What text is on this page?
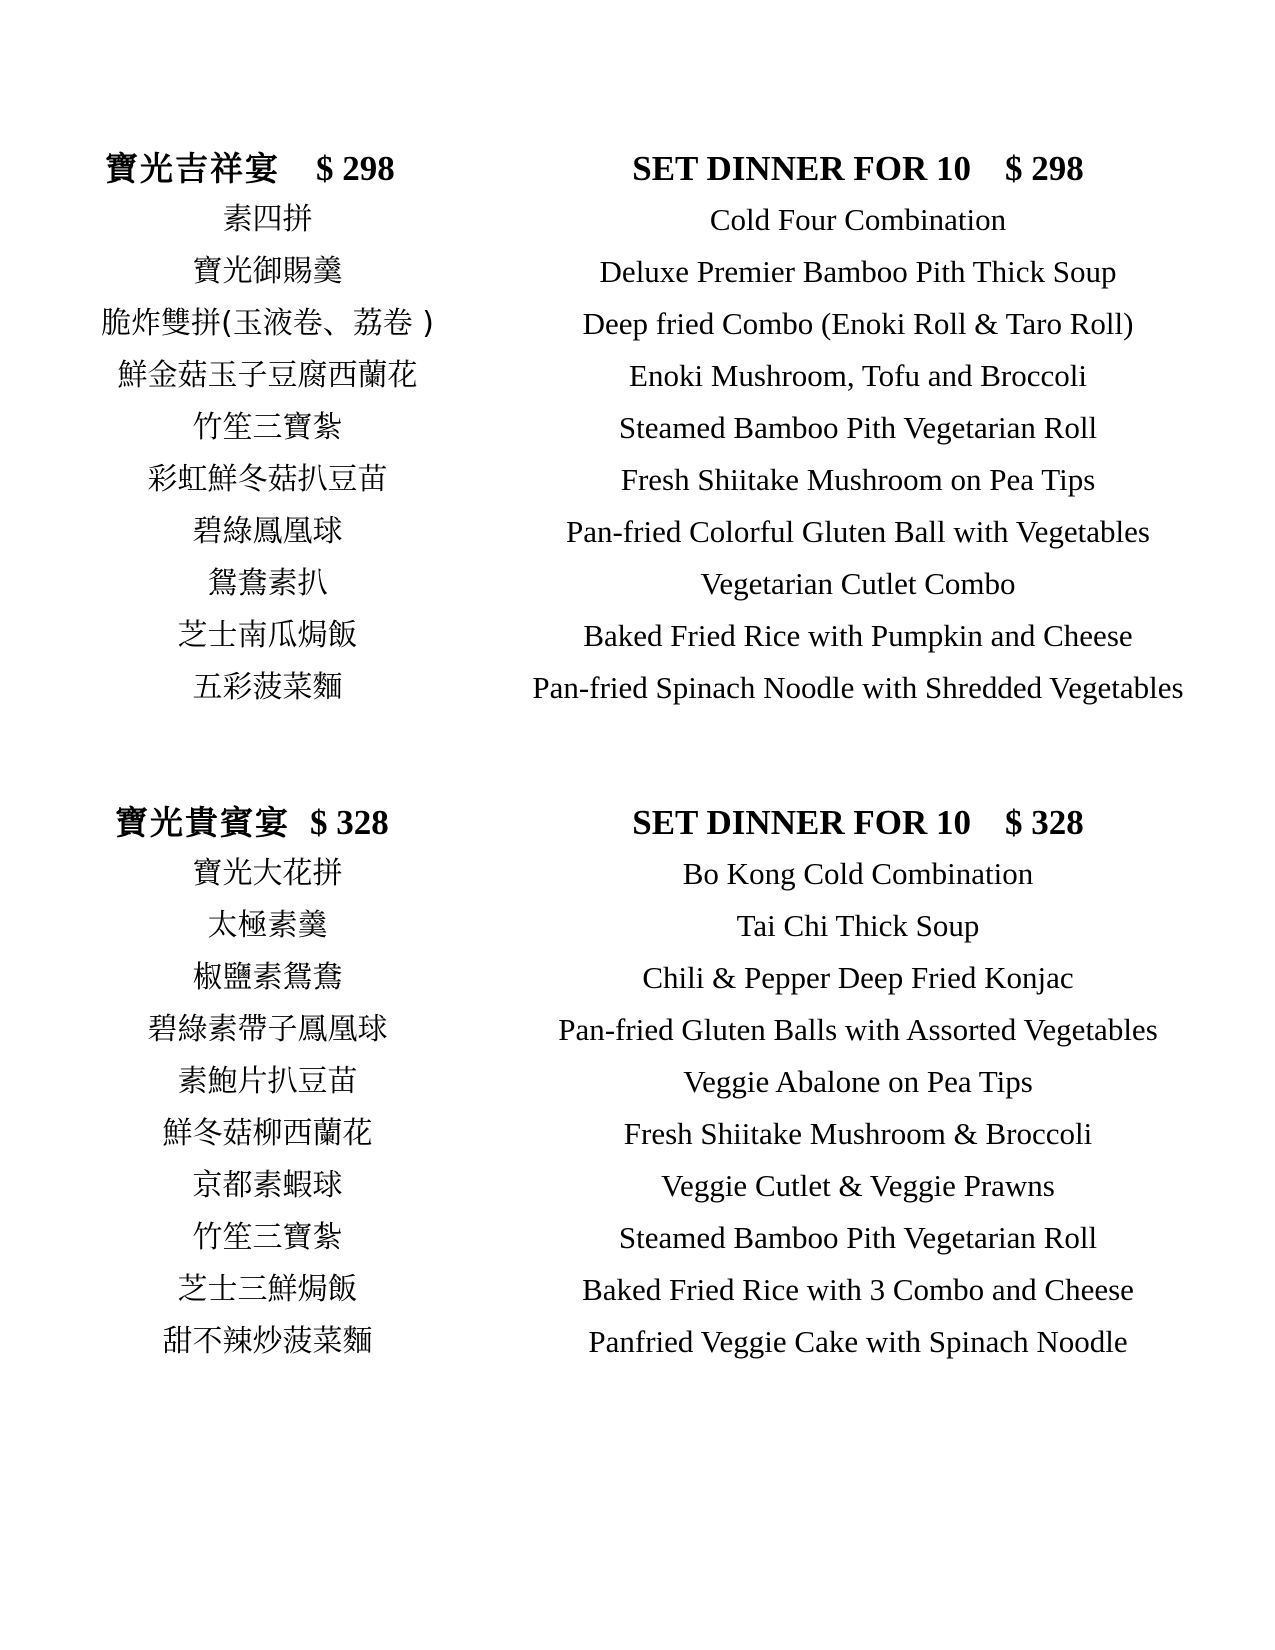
寶光吉祥宴 $ 298	SET DINNER FOR 10 $ 298
素四拼	Cold Four Combination
寶光御賜羹	Deluxe Premier Bamboo Pith Thick Soup
脆炸雙拼(玉液卷、荔卷 )	Deep fried Combo (Enoki Roll & Taro Roll)
鮮金菇玉子豆腐西蘭花	Enoki Mushroom, Tofu and Broccoli
竹笙三寶紮	Steamed Bamboo Pith Vegetarian Roll
彩虹鮮冬菇扒豆苗	Fresh Shiitake Mushroom on Pea Tips
碧綠鳳凰球	Pan-fried Colorful Gluten Ball with Vegetables
鴛鴦素扒	Vegetarian Cutlet Combo
芝士南瓜焗飯	Baked Fried Rice with Pumpkin and Cheese
五彩菠菜麵	Pan-fried Spinach Noodle with Shredded Vegetables
寶光貴賓宴 $ 328	SET DINNER FOR 10 $ 328
寶光大花拼	Bo Kong Cold Combination
太極素羹	Tai Chi Thick Soup
椒鹽素鴛鴦	Chili & Pepper Deep Fried Konjac
碧綠素帶子鳳凰球	Pan-fried Gluten Balls with Assorted Vegetables
素鮑片扒豆苗	Veggie Abalone on Pea Tips
鮮冬菇柳西蘭花	Fresh Shiitake Mushroom & Broccoli
京都素蝦球	Veggie Cutlet & Veggie Prawns
竹笙三寶紮	Steamed Bamboo Pith Vegetarian Roll
芝士三鮮焗飯	Baked Fried Rice with 3 Combo and Cheese
甜不辣炒菠菜麵	Panfried Veggie Cake with Spinach Noodle
